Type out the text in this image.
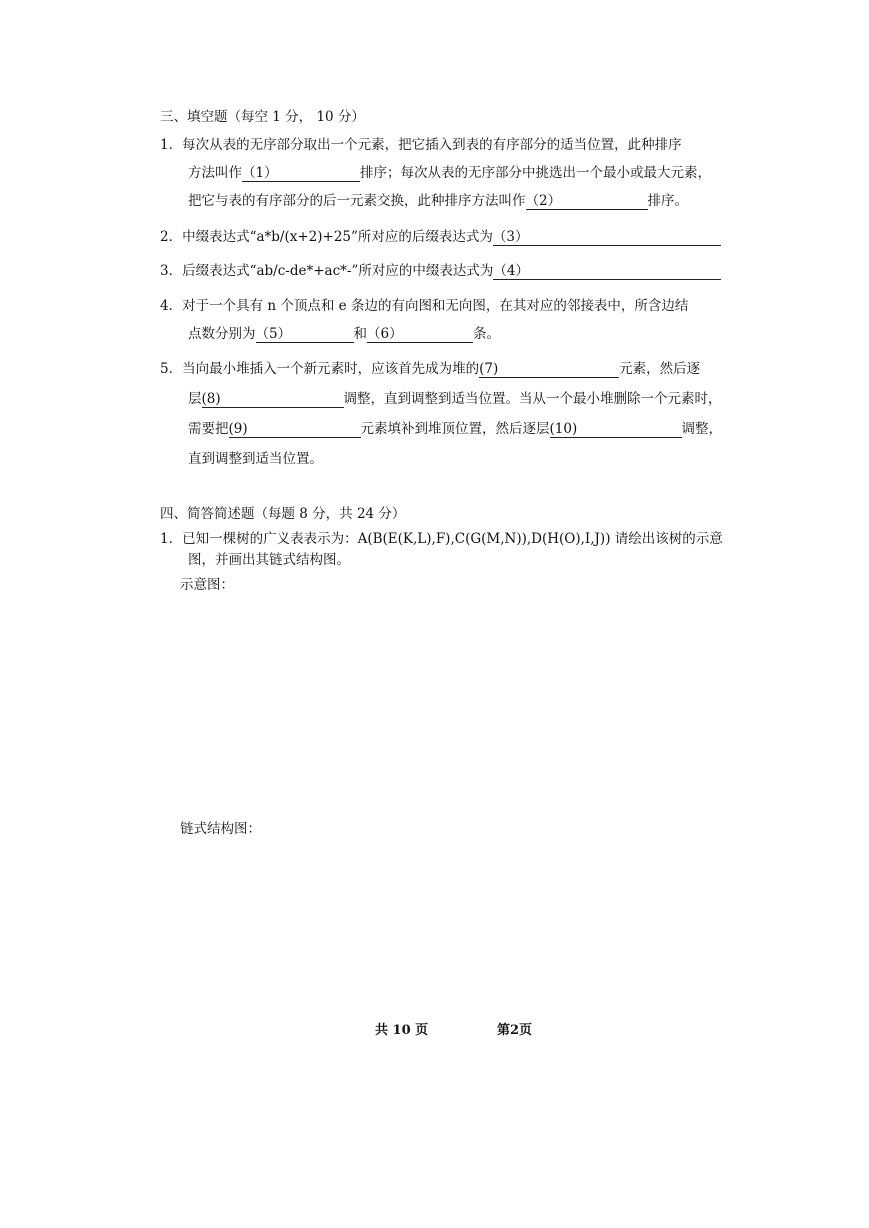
三、填空题（每空 1 分， 10 分）
1．每次从表的无序部分取出一个元素，把它插入到表的有序部分的适当位置，此种排序
方法叫作（1）	排序；每次从表的无序部分中挑选出一个最小或最大元素，
把它与表的有序部分的后一元素交换，此种排序方法叫作（2）	排序。
2．中缀表达式“a*b/(x+2)+25”所对应的后缀表达式为（3）
3．后缀表达式“ab/c-de*+ac*-”所对应的中缀表达式为（4）
4．对于一个具有 n 个顶点和 e 条边的有向图和无向图，在其对应的邻接表中，所含边结
点数分别为（5）	和（6）	条。
5．当向最小堆插入一个新元素时，应该首先成为堆的(7)	元素，然后逐
层(8)	调整，直到调整到适当位置。当从一个最小堆删除一个元素时，
需要把(9)	元素填补到堆顶位置，然后逐层(10)	调整，
直到调整到适当位置。
四、简答简述题（每题 8 分，共 24 分）
1．已知一棵树的广义表表示为：A(B(E(K,L),F),C(G(M,N)),D(H(O),I,J)) 请绘出该树的示意
图，并画出其链式结构图。
示意图：
链式结构图：
共 10 页	第2页
